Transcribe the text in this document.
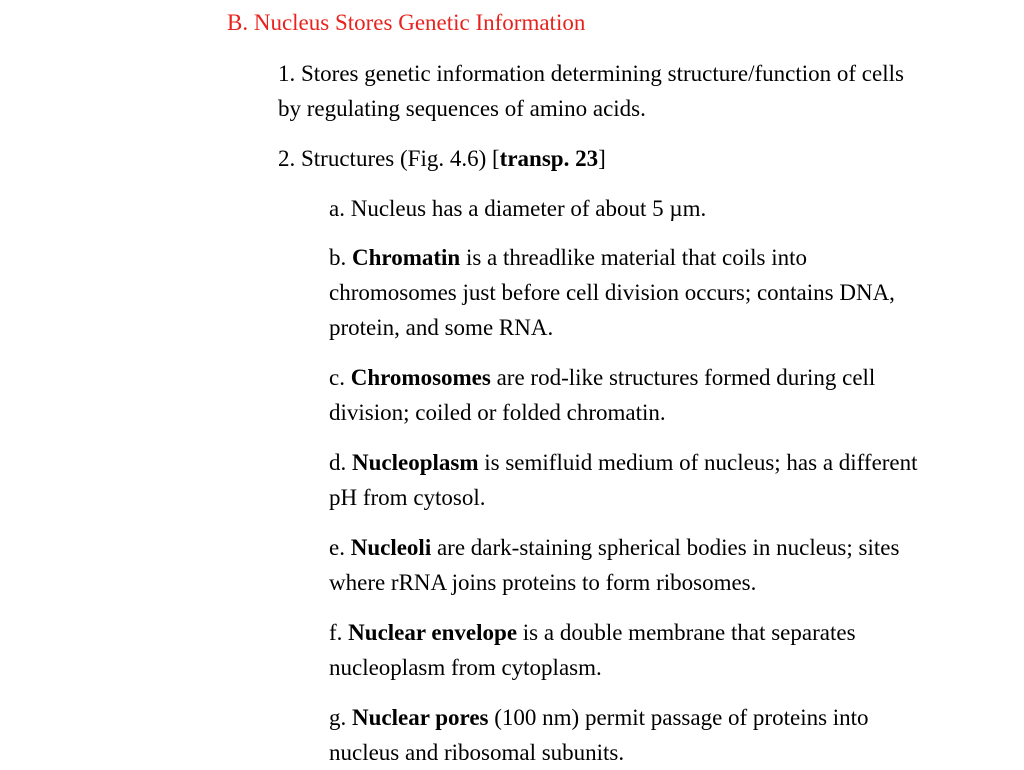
B. Nucleus Stores Genetic Information
1. Stores genetic information determining structure/function of cells
by regulating sequences of amino acids.
2. Structures (Fig. 4.6) [transp. 23]
a. Nucleus has a diameter of about 5 µm.
b. Chromatin is a threadlike material that coils into
chromosomes just before cell division occurs; contains DNA,
protein, and some RNA.
c. Chromosomes are rod-like structures formed during cell
division; coiled or folded chromatin.
d. Nucleoplasm is semifluid medium of nucleus; has a different
pH from cytosol.
e. Nucleoli are dark-staining spherical bodies in nucleus; sites
where rRNA joins proteins to form ribosomes.
f. Nuclear envelope is a double membrane that separates
nucleoplasm from cytoplasm.
g. Nuclear pores (100 nm) permit passage of proteins into
nucleus and ribosomal subunits.
